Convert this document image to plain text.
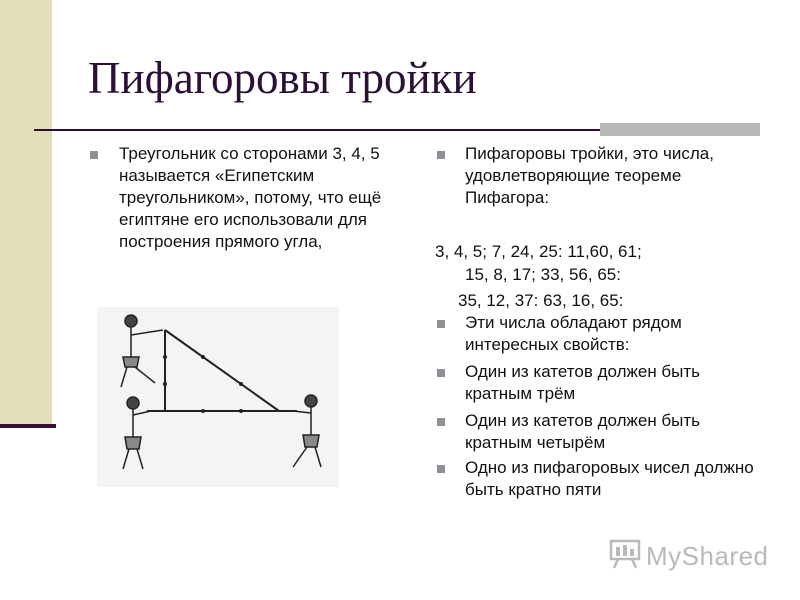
Пифагоровы тройки
Треугольник со сторонами 3, 4, 5 называется «Египетским треугольником», потому, что ещё египтяне его использовали для построения прямого угла,
Пифагоровы тройки, это числа, удовлетворяющие теореме Пифагора:
3, 4, 5; 7, 24, 25: 11,60, 61;
15, 8, 17; 33, 56, 65:
35, 12, 37: 63, 16, 65:
Эти числа обладают рядом интересных свойств:
Один из катетов должен быть кратным трём
Один из катетов должен быть кратным четырём
Одно из пифагоровых чисел должно быть кратно пяти
MyShared
